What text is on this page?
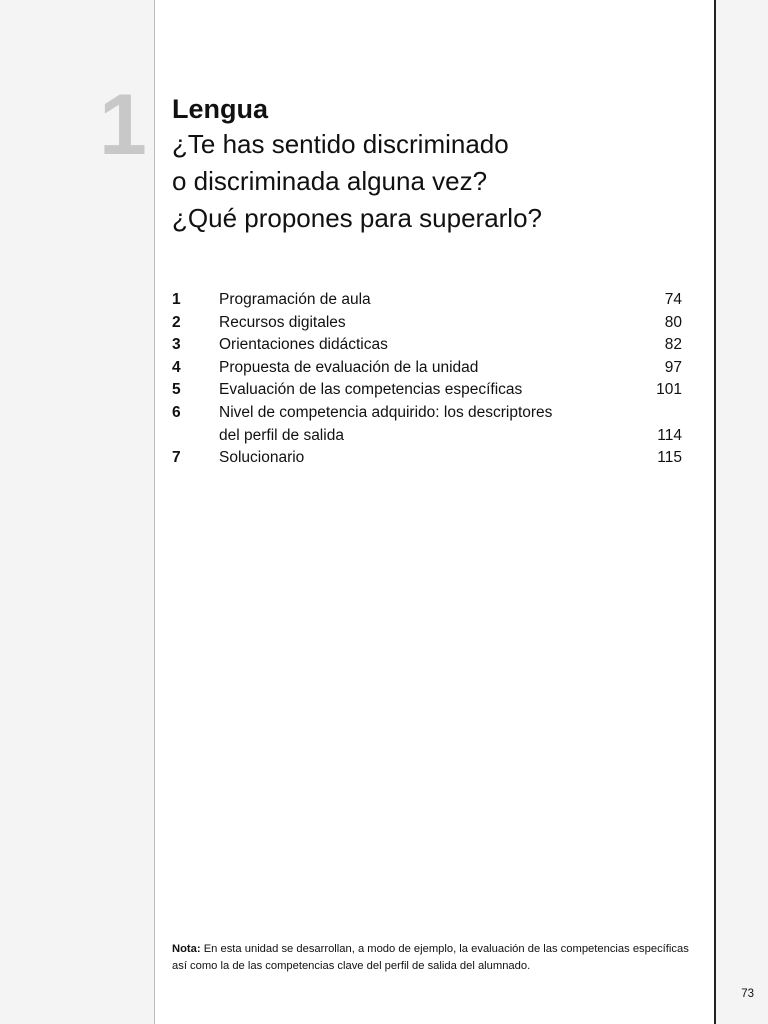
1 Lengua
¿Te has sentido discriminado
o discriminada alguna vez?
¿Qué propones para superarlo?
1	Programación de aula	74
2	Recursos digitales	80
3	Orientaciones didácticas	82
4	Propuesta de evaluación de la unidad	97
5	Evaluación de las competencias específicas	101
6	Nivel de competencia adquirido: los descriptores
del perfil de salida	114
7	Solucionario	115
Nota: En esta unidad se desarrollan, a modo de ejemplo, la evaluación de las competencias específicas así como la de las competencias clave del perfil de salida del alumnado.
73
